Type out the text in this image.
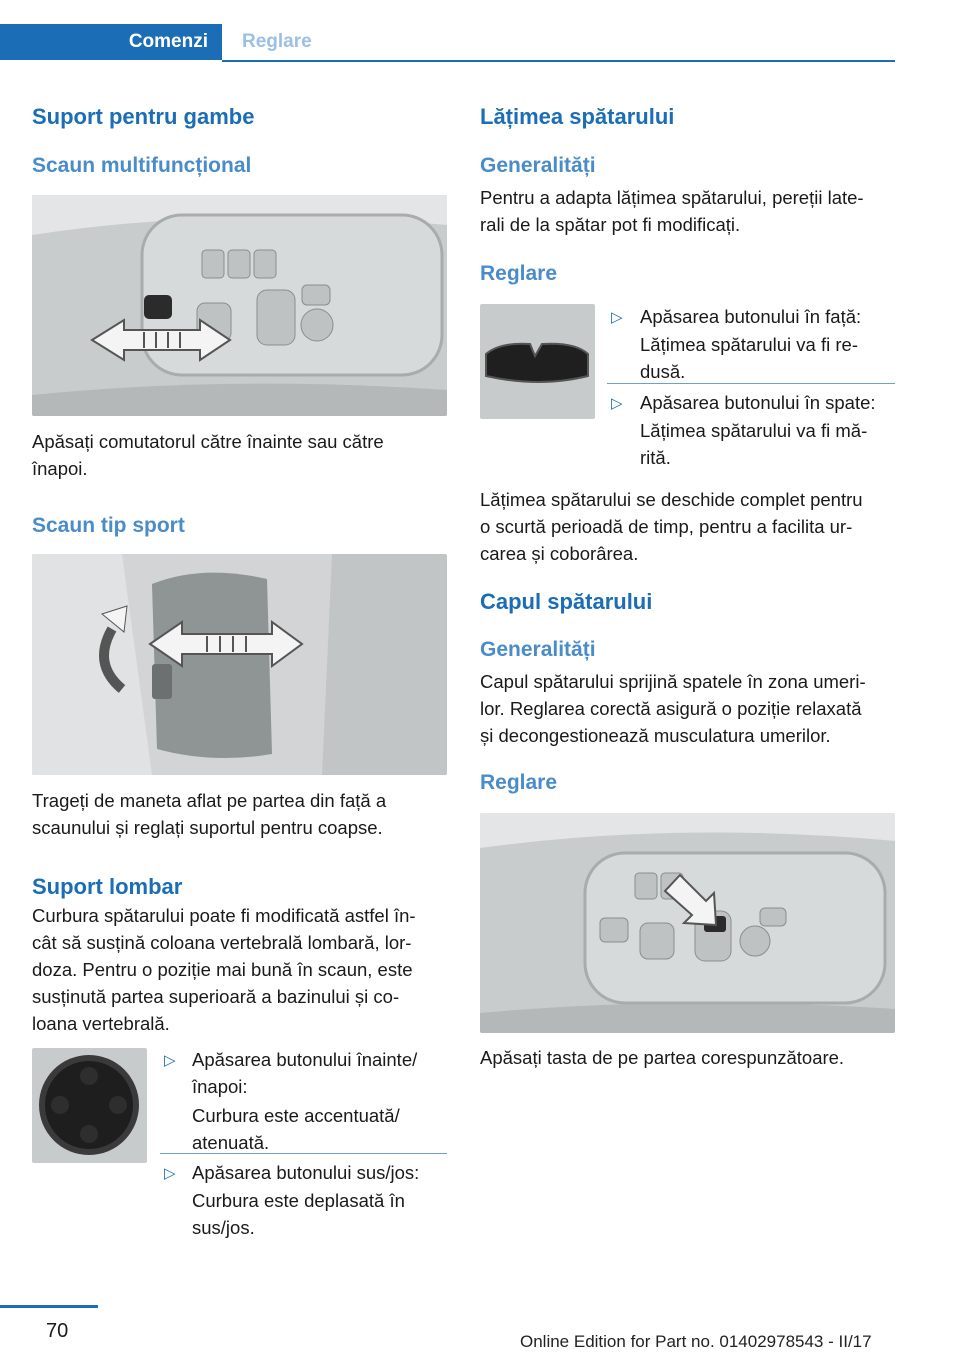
Comenzi	Reglare
Suport pentru gambe
Scaun multifuncțional
Apăsați comutatorul către înainte sau către
înapoi.
Scaun tip sport
Trageți de maneta aflat pe partea din față a
scaunului și reglați suportul pentru coapse.
Suport lombar
Curbura spătarului poate fi modificată astfel în‐
cât să susțină coloana vertebrală lombară, lor‐
doza. Pentru o poziție mai bună în scaun, este
susținută partea superioară a bazinului și co‐
loana vertebrală.
▷ Apăsarea butonului înainte/
înapoi:
Curbura este accentuată/
atenuată.
▷ Apăsarea butonului sus/jos:
Curbura este deplasată în
sus/jos.
Lățimea spătarului
Generalități
Pentru a adapta lățimea spătarului, pereții late‐
rali de la spătar pot fi modificați.
Reglare
▷ Apăsarea butonului în față:
Lățimea spătarului va fi re‐
dusă.
▷ Apăsarea butonului în spate:
Lățimea spătarului va fi mă‐
rită.
Lățimea spătarului se deschide complet pentru
o scurtă perioadă de timp, pentru a facilita ur‐
carea și coborârea.
Capul spătarului
Generalități
Capul spătarului sprijină spatele în zona umeri‐
lor. Reglarea corectă asigură o poziție relaxată
și decongestionează musculatura umerilor.
Reglare
Apăsați tasta de pe partea corespunzătoare.
70	Online Edition for Part no. 01402978543 - II/17
